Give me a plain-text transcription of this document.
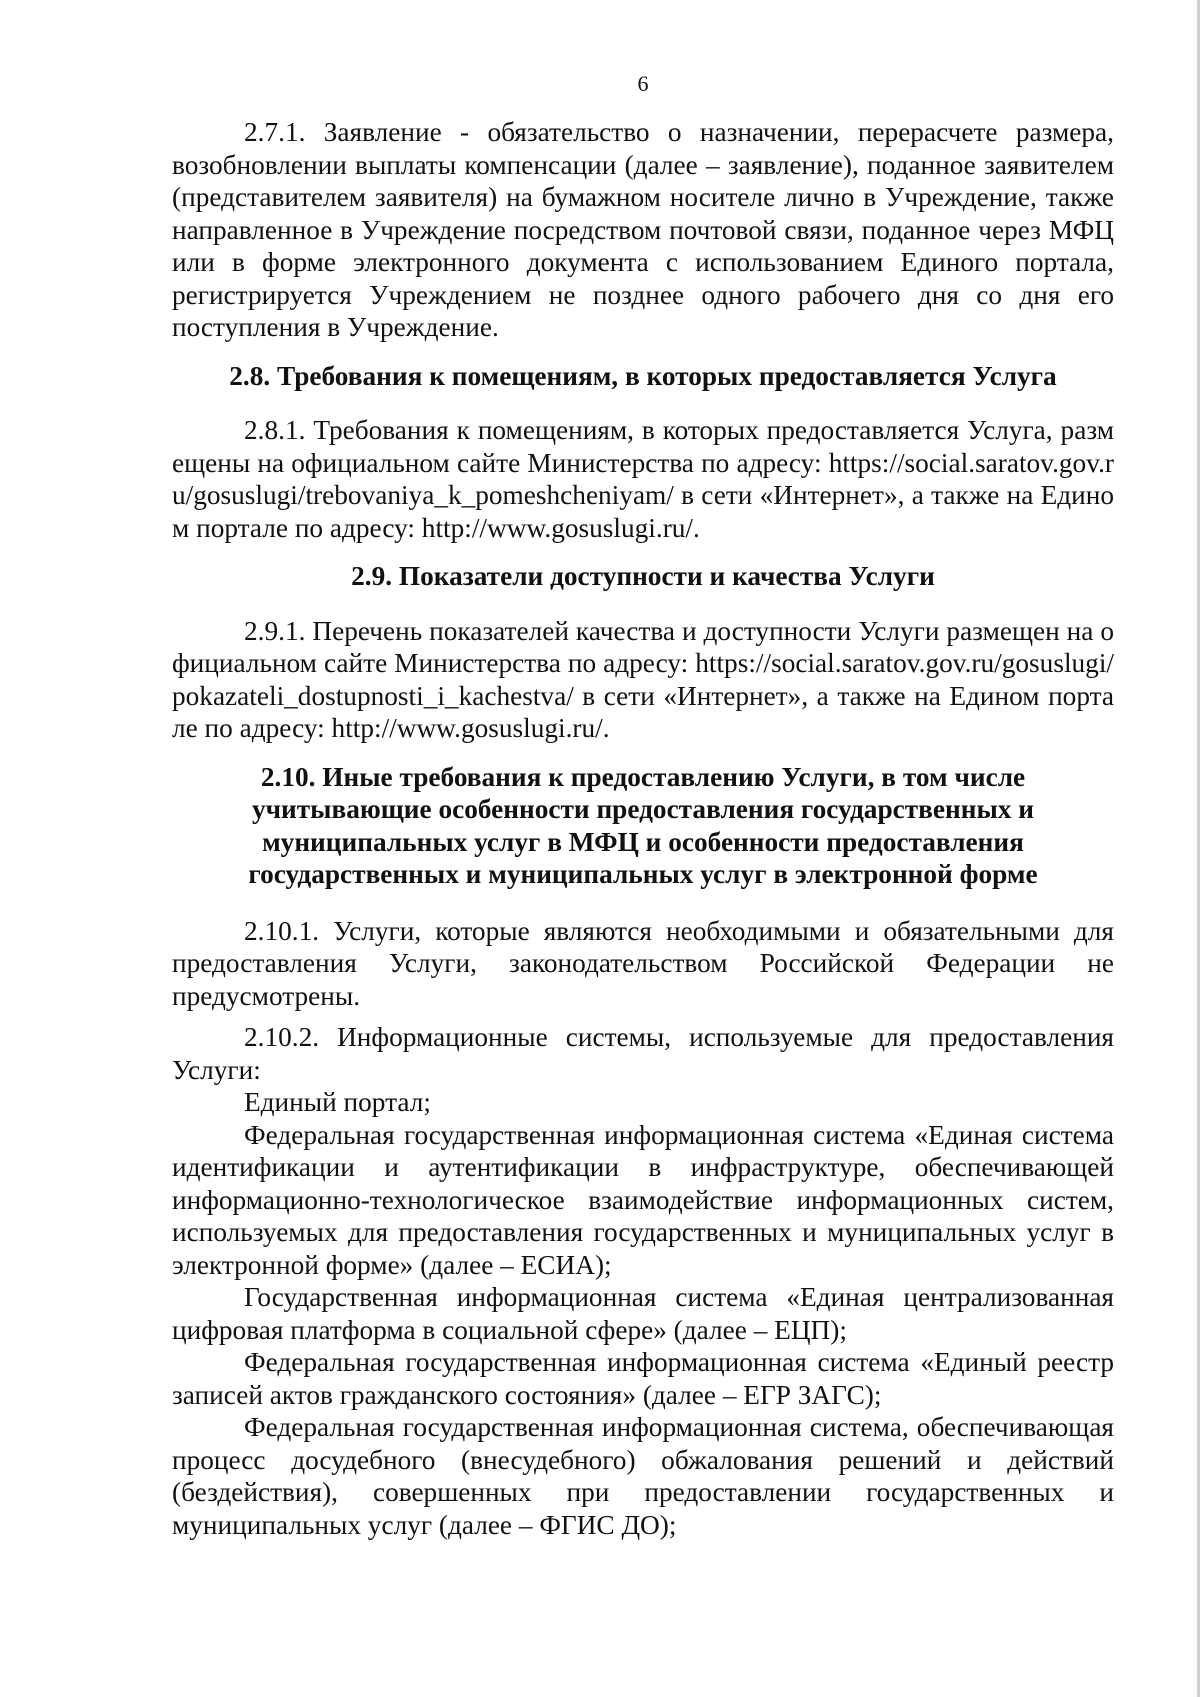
6

2.7.1. Заявление - обязательство о назначении, перерасчете размера, возобновлении выплаты компенсации (далее – заявление), поданное заявителем (представителем заявителя) на бумажном носителе лично в Учреждение, также направленное в Учреждение посредством почтовой связи, поданное через МФЦ или в форме электронного документа с использованием Единого портала, регистрируется Учреждением не позднее одного рабочего дня со дня его поступления в Учреждение.

2.8. Требования к помещениям, в которых предоставляется Услуга

2.8.1. Требования к помещениям, в которых предоставляется Услуга, размещены на официальном сайте Министерства по адресу: https://social.saratov.gov.ru/gosuslugi/trebovaniya_k_pomeshcheniyam/ в сети «Интернет», а также на Едином портале по адресу: http://www.gosuslugi.ru/.

2.9. Показатели доступности и качества Услуги

2.9.1. Перечень показателей качества и доступности Услуги размещен на официальном сайте Министерства по адресу: https://social.saratov.gov.ru/gosuslugi/pokazateli_dostupnosti_i_kachestva/ в сети «Интернет», а также на Едином портале по адресу: http://www.gosuslugi.ru/.

2.10. Иные требования к предоставлению Услуги, в том числе учитывающие особенности предоставления государственных и муниципальных услуг в МФЦ и особенности предоставления государственных и муниципальных услуг в электронной форме

2.10.1. Услуги, которые являются необходимыми и обязательными для предоставления Услуги, законодательством Российской Федерации не предусмотрены.

2.10.2. Информационные системы, используемые для предоставления Услуги:

Единый портал;

Федеральная государственная информационная система «Единая система идентификации и аутентификации в инфраструктуре, обеспечивающей информационно-технологическое взаимодействие информационных систем, используемых для предоставления государственных и муниципальных услуг в электронной форме» (далее – ЕСИА);

Государственная информационная система «Единая централизованная цифровая платформа в социальной сфере» (далее – ЕЦП);

Федеральная государственная информационная система «Единый реестр записей актов гражданского состояния» (далее – ЕГР ЗАГС);

Федеральная государственная информационная система, обеспечивающая процесс досудебного (внесудебного) обжалования решений и действий (бездействия), совершенных при предоставлении государственных и муниципальных услуг (далее – ФГИС ДО);
